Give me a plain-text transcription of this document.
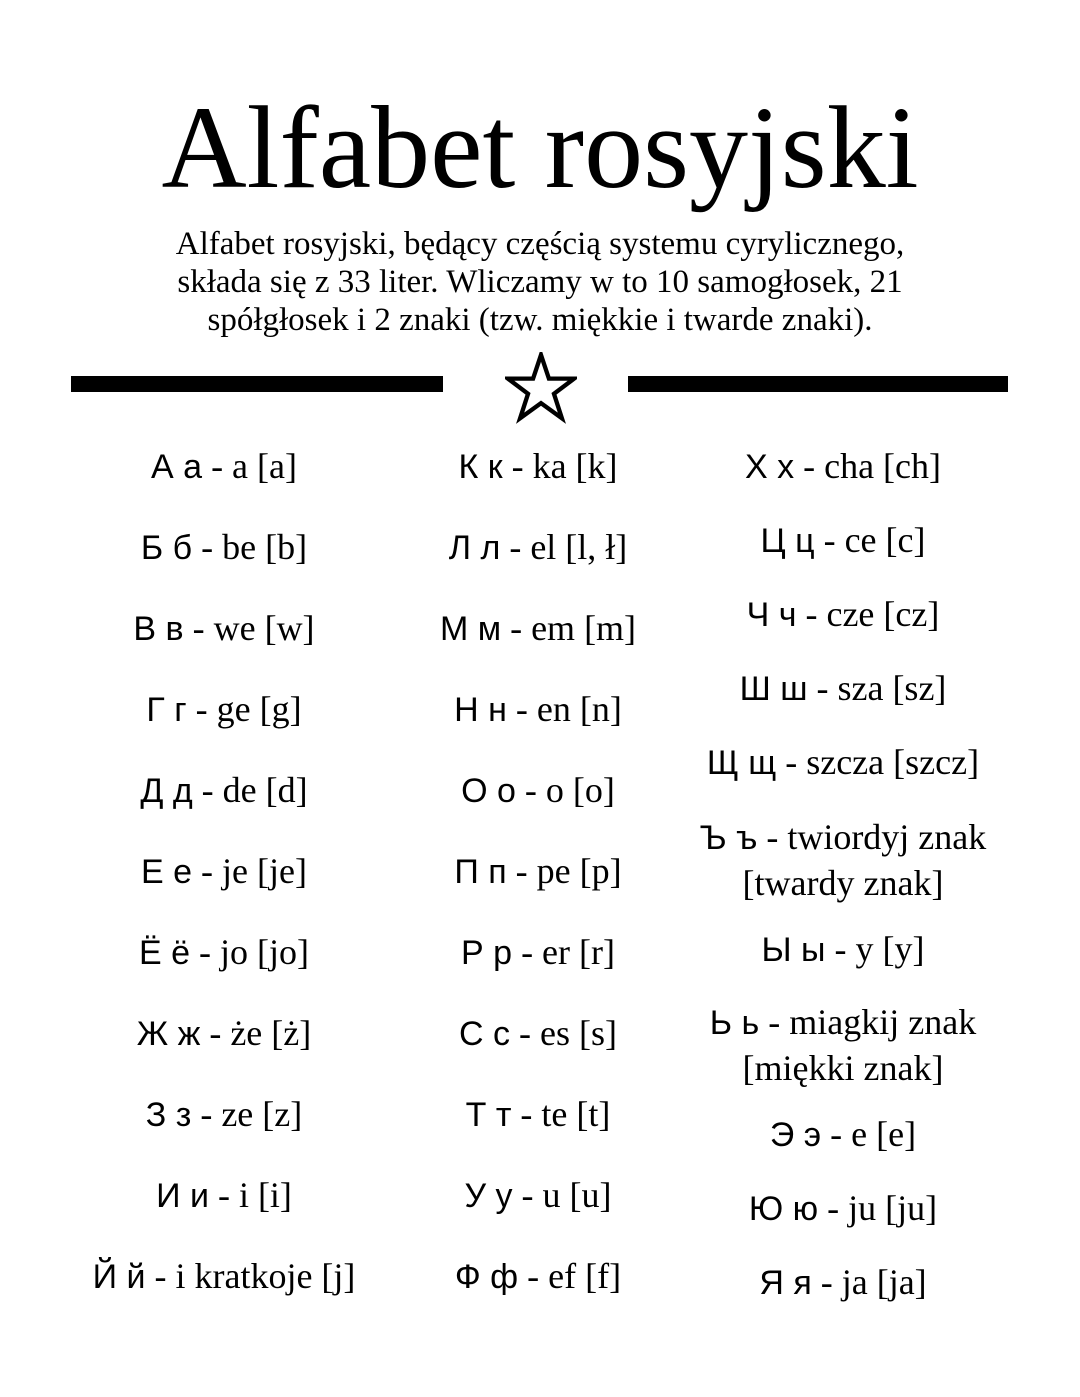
Alfabet rosyjski
Alfabet rosyjski, będący częścią systemu cyrylicznego,
składa się z 33 liter. Wliczamy w to 10 samogłosek, 21
spółgłosek i 2 znaki (tzw. miękkie i twarde znaki).
А а - a [a]
Б б - be [b]
В в - we [w]
Г г - ge [g]
Д д - de [d]
Е е - je [je]
Ё ё - jo [jo]
Ж ж - że [ż]
З з - ze [z]
И и - i [i]
Й й - i kratkoje [j]
К к - ka [k]
Л л - el [l, ł]
М м - em [m]
Н н - en [n]
О о - o [o]
П п - pe [p]
Р р - er [r]
С с - es [s]
Т т - te [t]
У у - u [u]
Ф ф - ef [f]
Х х - cha [ch]
Ц ц - ce [c]
Ч ч - cze [cz]
Ш ш - sza [sz]
Щ щ - szcza [szcz]
Ъ ъ - twiordyj znak
[twardy znak]
Ы ы - y [y]
Ь ь - miagkij znak
[miękki znak]
Э э - e [e]
Ю ю - ju [ju]
Я я - ja [ja]
